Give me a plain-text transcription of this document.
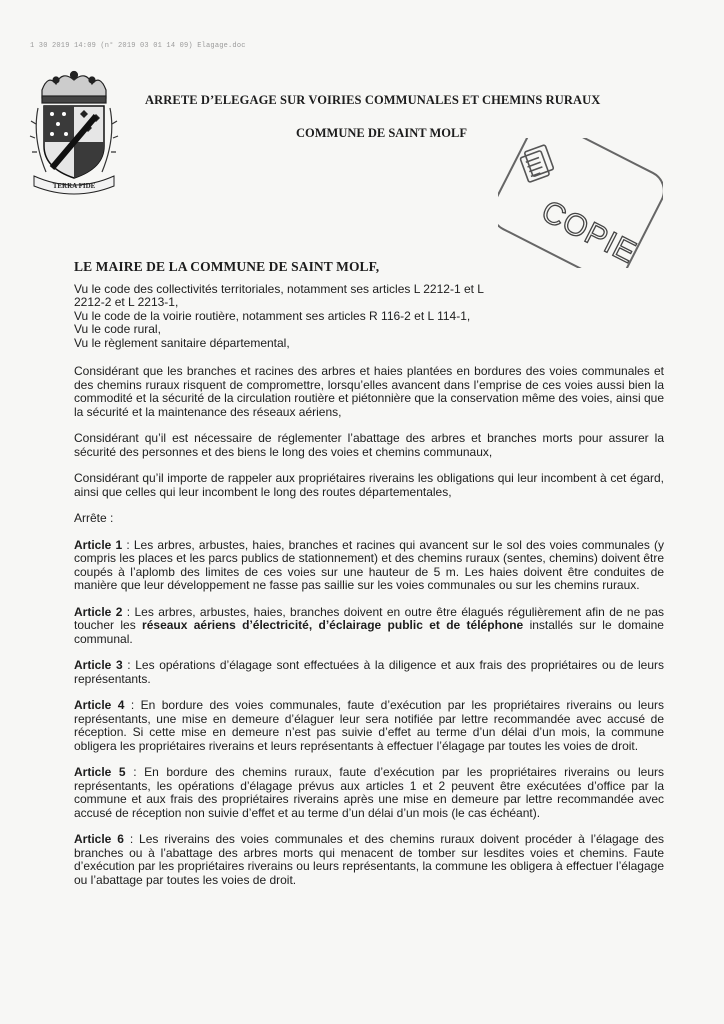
1 30 2019 14:09 (n° 2019 03 01 14 09) Elagage.doc
TERRA FIDE
ARRETE D’ELEGAGE SUR VOIRIES COMMUNALES ET CHEMINS RURAUX
COMMUNE DE SAINT MOLF
COPIE

LE MAIRE DE LA COMMUNE DE SAINT MOLF,

Vu le code des collectivités territoriales, notamment ses articles L 2212-1 et L

2212-2 et L 2213-1,

Vu le code de la voirie routière, notamment ses articles R 116-2 et L 114-1,

Vu le code rural,

Vu le règlement sanitaire départemental,

Considérant que les branches et racines des arbres et haies plantées en bordures des voies communales et des chemins ruraux risquent de compromettre, lorsqu’elles avancent dans l’emprise de ces voies aussi bien la commodité et la sécurité de la circulation routière et piétonnière que la conservation même des voies, ainsi que la sécurité et la maintenance des réseaux aériens,

Considérant qu’il est nécessaire de réglementer l’abattage des arbres et branches morts pour assurer la sécurité des personnes et des biens le long des voies et chemins communaux,

Considérant qu’il importe de rappeler aux propriétaires riverains les obligations qui leur incombent à cet égard, ainsi que celles qui leur incombent le long des routes départementales,

Arrête :

Article 1 : Les arbres, arbustes, haies, branches et racines qui avancent sur le sol des voies communales (y compris les places et les parcs publics de stationnement) et des chemins ruraux (sentes, chemins) doivent être coupés à l’aplomb des limites de ces voies sur une hauteur de 5 m. Les haies doivent être conduites de manière que leur développement ne fasse pas saillie sur les voies communales ou sur les chemins ruraux.

Article 2 : Les arbres, arbustes, haies, branches doivent en outre être élagués régulièrement afin de ne pas toucher les réseaux aériens d’électricité, d’éclairage public et de téléphone installés sur le domaine communal.

Article 3 : Les opérations d’élagage sont effectuées à la diligence et aux frais des propriétaires ou de leurs représentants.

Article 4 : En bordure des voies communales, faute d’exécution par les propriétaires riverains ou leurs représentants, une mise en demeure d’élaguer leur sera notifiée par lettre recommandée avec accusé de réception. Si cette mise en demeure n’est pas suivie d’effet au terme d’un délai d’un mois, la commune obligera les propriétaires riverains et leurs représentants à effectuer l’élagage par toutes les voies de droit.

Article 5 : En bordure des chemins ruraux, faute d’exécution par les propriétaires riverains ou leurs représentants, les opérations d’élagage prévus aux articles 1 et 2 peuvent être exécutées d’office par la commune et aux frais des propriétaires riverains après une mise en demeure par lettre recommandée avec accusé de réception non suivie d’effet et au terme d’un délai d’un mois (le cas échéant).

Article 6 : Les riverains des voies communales et des chemins ruraux doivent procéder à l’élagage des branches ou à l’abattage des arbres morts qui menacent de tomber sur lesdites voies et chemins. Faute d’exécution par les propriétaires riverains ou leurs représentants, la commune les obligera à effectuer l’élagage ou l’abattage par toutes les voies de droit.
